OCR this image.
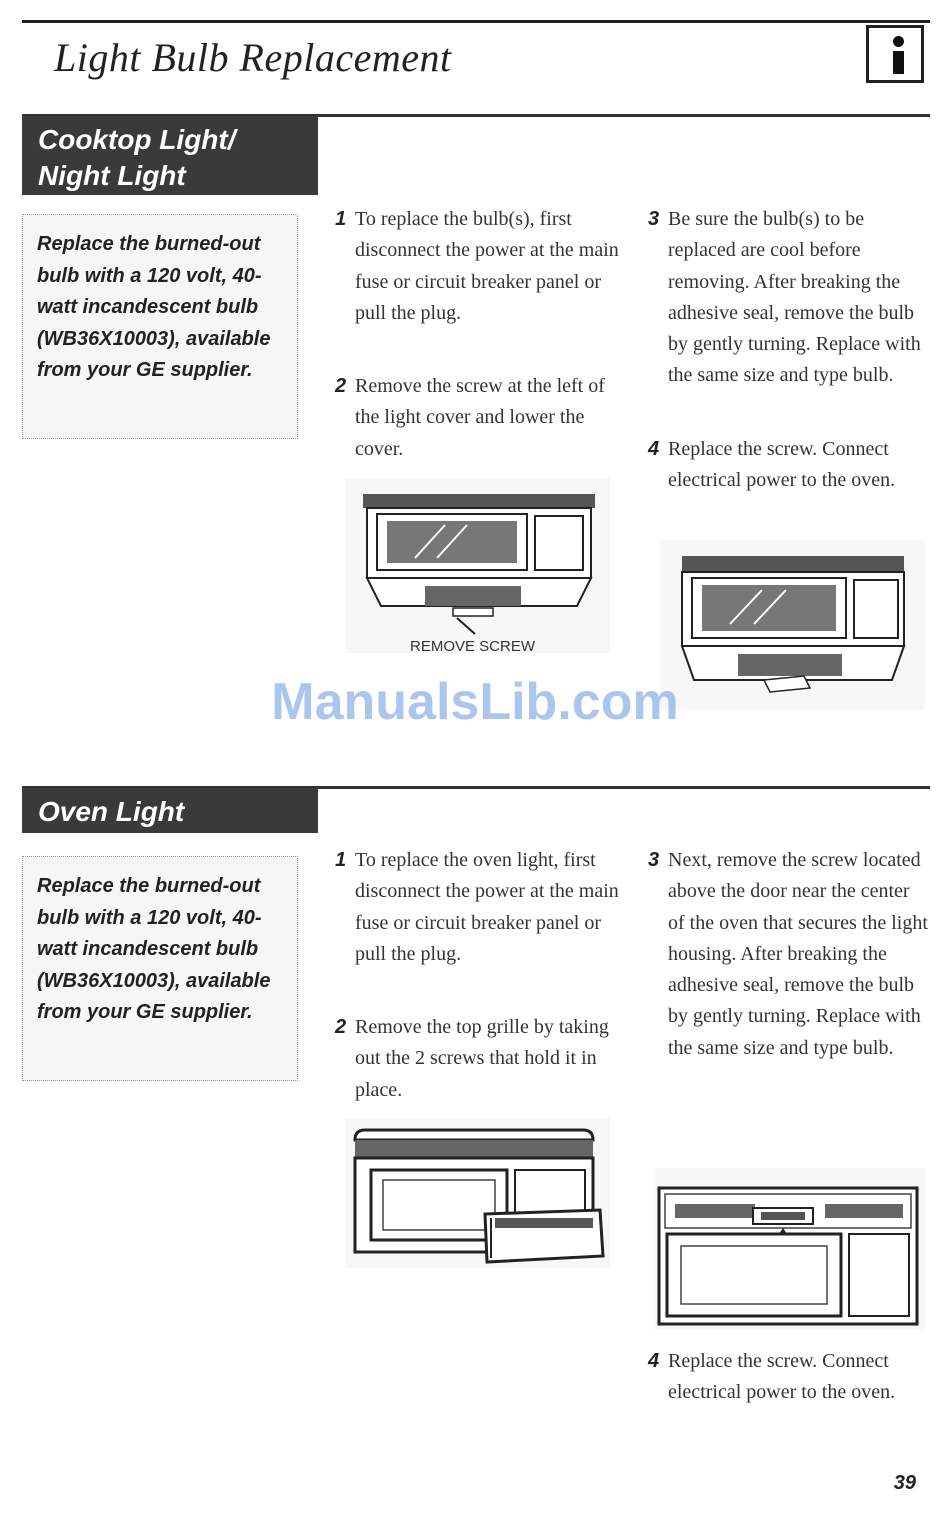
Light Bulb Replacement
Cooktop Light/
Night Light
Replace the burned-out bulb with a 120 volt, 40-watt incandescent bulb (WB36X10003), available from your GE supplier.
1 To replace the bulb(s), first disconnect the power at the main fuse or circuit breaker panel or pull the plug.
2 Remove the screw at the left of the light cover and lower the cover.
3 Be sure the bulb(s) to be replaced are cool before removing. After breaking the adhesive seal, remove the bulb by gently turning. Replace with the same size and type bulb.
4 Replace the screw. Connect electrical power to the oven.
REMOVE SCREW
ManualsLib.com
Oven Light
Replace the burned-out bulb with a 120 volt, 40-watt incandescent bulb (WB36X10003), available from your GE supplier.
1 To replace the oven light, first disconnect the power at the main fuse or circuit breaker panel or pull the plug.
2 Remove the top grille by taking out the 2 screws that hold it in place.
3 Next, remove the screw located above the door near the center of the oven that secures the light housing. After breaking the adhesive seal, remove the bulb by gently turning. Replace with the same size and type bulb.
4 Replace the screw. Connect electrical power to the oven.
39
